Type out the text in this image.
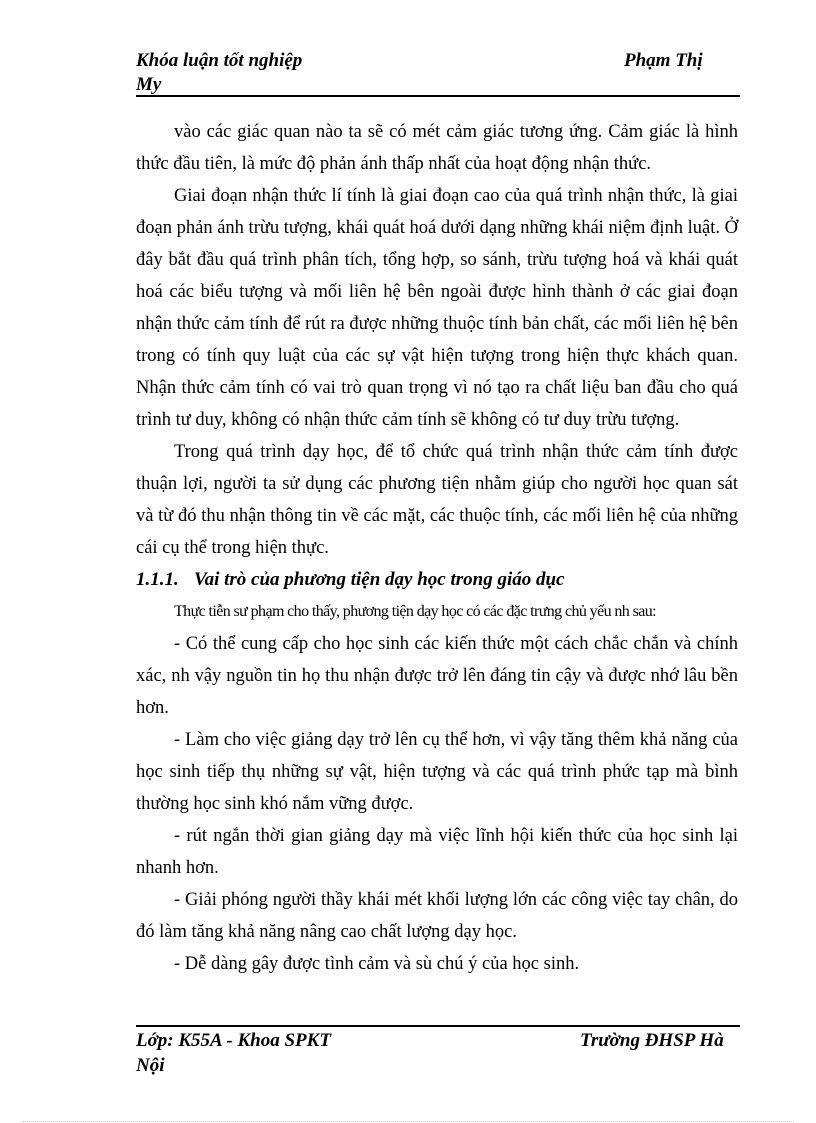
Khóa luận tốt nghiệp
My
Phạm Thị

vào các giác quan nào ta sẽ có mét cảm giác tương ứng. Cảm giác là hình thức đầu tiên, là mức độ phản ánh thấp nhất của hoạt động nhận thức.

Giai đoạn nhận thức lí tính là giai đoạn cao của quá trình nhận thức, là giai đoạn phản ánh trừu tượng, khái quát hoá dưới dạng những khái niệm định luật. Ở đây bắt đầu quá trình phân tích, tổng hợp, so sánh, trừu tượng hoá và khái quát hoá các biểu tượng và mối liên hệ bên ngoài được hình thành ở các giai đoạn nhận thức cảm tính để rút ra được những thuộc tính bản chất, các mối liên hệ bên trong có tính quy luật của các sự vật hiện tượng trong hiện thực khách quan. Nhận thức cảm tính có vai trò quan trọng vì nó tạo ra chất liệu ban đầu cho quá trình tư duy, không có nhận thức cảm tính sẽ không có tư duy trừu tượng.

Trong quá trình dạy học, để tổ chức quá trình nhận thức cảm tính được thuận lợi, người ta sử dụng các phương tiện nhằm giúp cho người học quan sát và từ đó thu nhận thông tin về các mặt, các thuộc tính, các mối liên hệ của những cái cụ thể trong hiện thực.

1.1.1. Vai trò của phương tiện dạy học trong giáo dục

Thực tiễn sư phạm cho thấy, phương tiện dạy học có các đặc trưng chủ yếu nh sau:

- Có thể cung cấp cho học sinh các kiến thức một cách chắc chắn và chính xác, nh vậy nguồn tin họ thu nhận được trở lên đáng tin cậy và được nhớ lâu bền hơn.

- Làm cho việc giảng dạy trở lên cụ thể hơn, vì vậy tăng thêm khả năng của học sinh tiếp thụ những sự vật, hiện tượng và các quá trình phức tạp mà bình thường học sinh khó nắm vững được.

- rút ngắn thời gian giảng dạy mà việc lĩnh hội kiến thức của học sinh lại nhanh hơn.

- Giải phóng người thầy khái mét khối lượng lớn các công việc tay chân, do đó làm tăng khả năng nâng cao chất lượng dạy học.

- Dễ dàng gây được tình cảm và sù chú ý của học sinh.

Lớp: K55A - Khoa SPKT
Nội
Trường ĐHSP Hà
